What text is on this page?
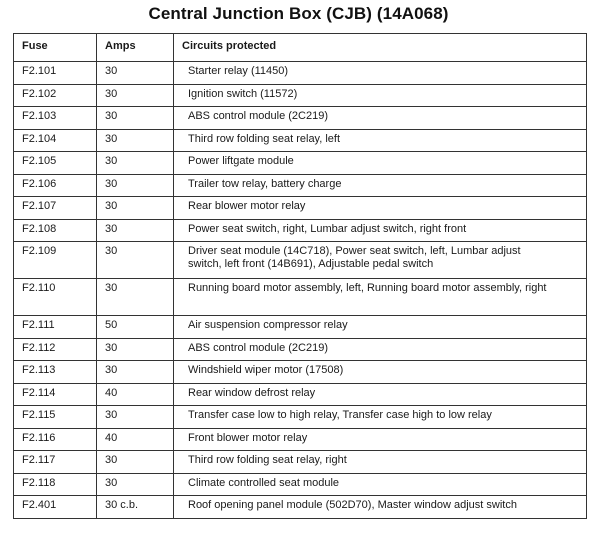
Central Junction Box (CJB) (14A068)
Fuse	Amps	Circuits protected
F2.101	30	Starter relay (11450)
F2.102	30	Ignition switch (11572)
F2.103	30	ABS control module (2C219)
F2.104	30	Third row folding seat relay, left
F2.105	30	Power liftgate module
F2.106	30	Trailer tow relay, battery charge
F2.107	30	Rear blower motor relay
F2.108	30	Power seat switch, right, Lumbar adjust switch, right front
F2.109	30	Driver seat module (14C718), Power seat switch, left, Lumbar adjust switch, left front (14B691), Adjustable pedal switch
F2.110	30	Running board motor assembly, left, Running board motor assembly, right
F2.111	50	Air suspension compressor relay
F2.112	30	ABS control module (2C219)
F2.113	30	Windshield wiper motor (17508)
F2.114	40	Rear window defrost relay
F2.115	30	Transfer case low to high relay, Transfer case high to low relay
F2.116	40	Front blower motor relay
F2.117	30	Third row folding seat relay, right
F2.118	30	Climate controlled seat module
F2.401	30 c.b.	Roof opening panel module (502D70), Master window adjust switch
